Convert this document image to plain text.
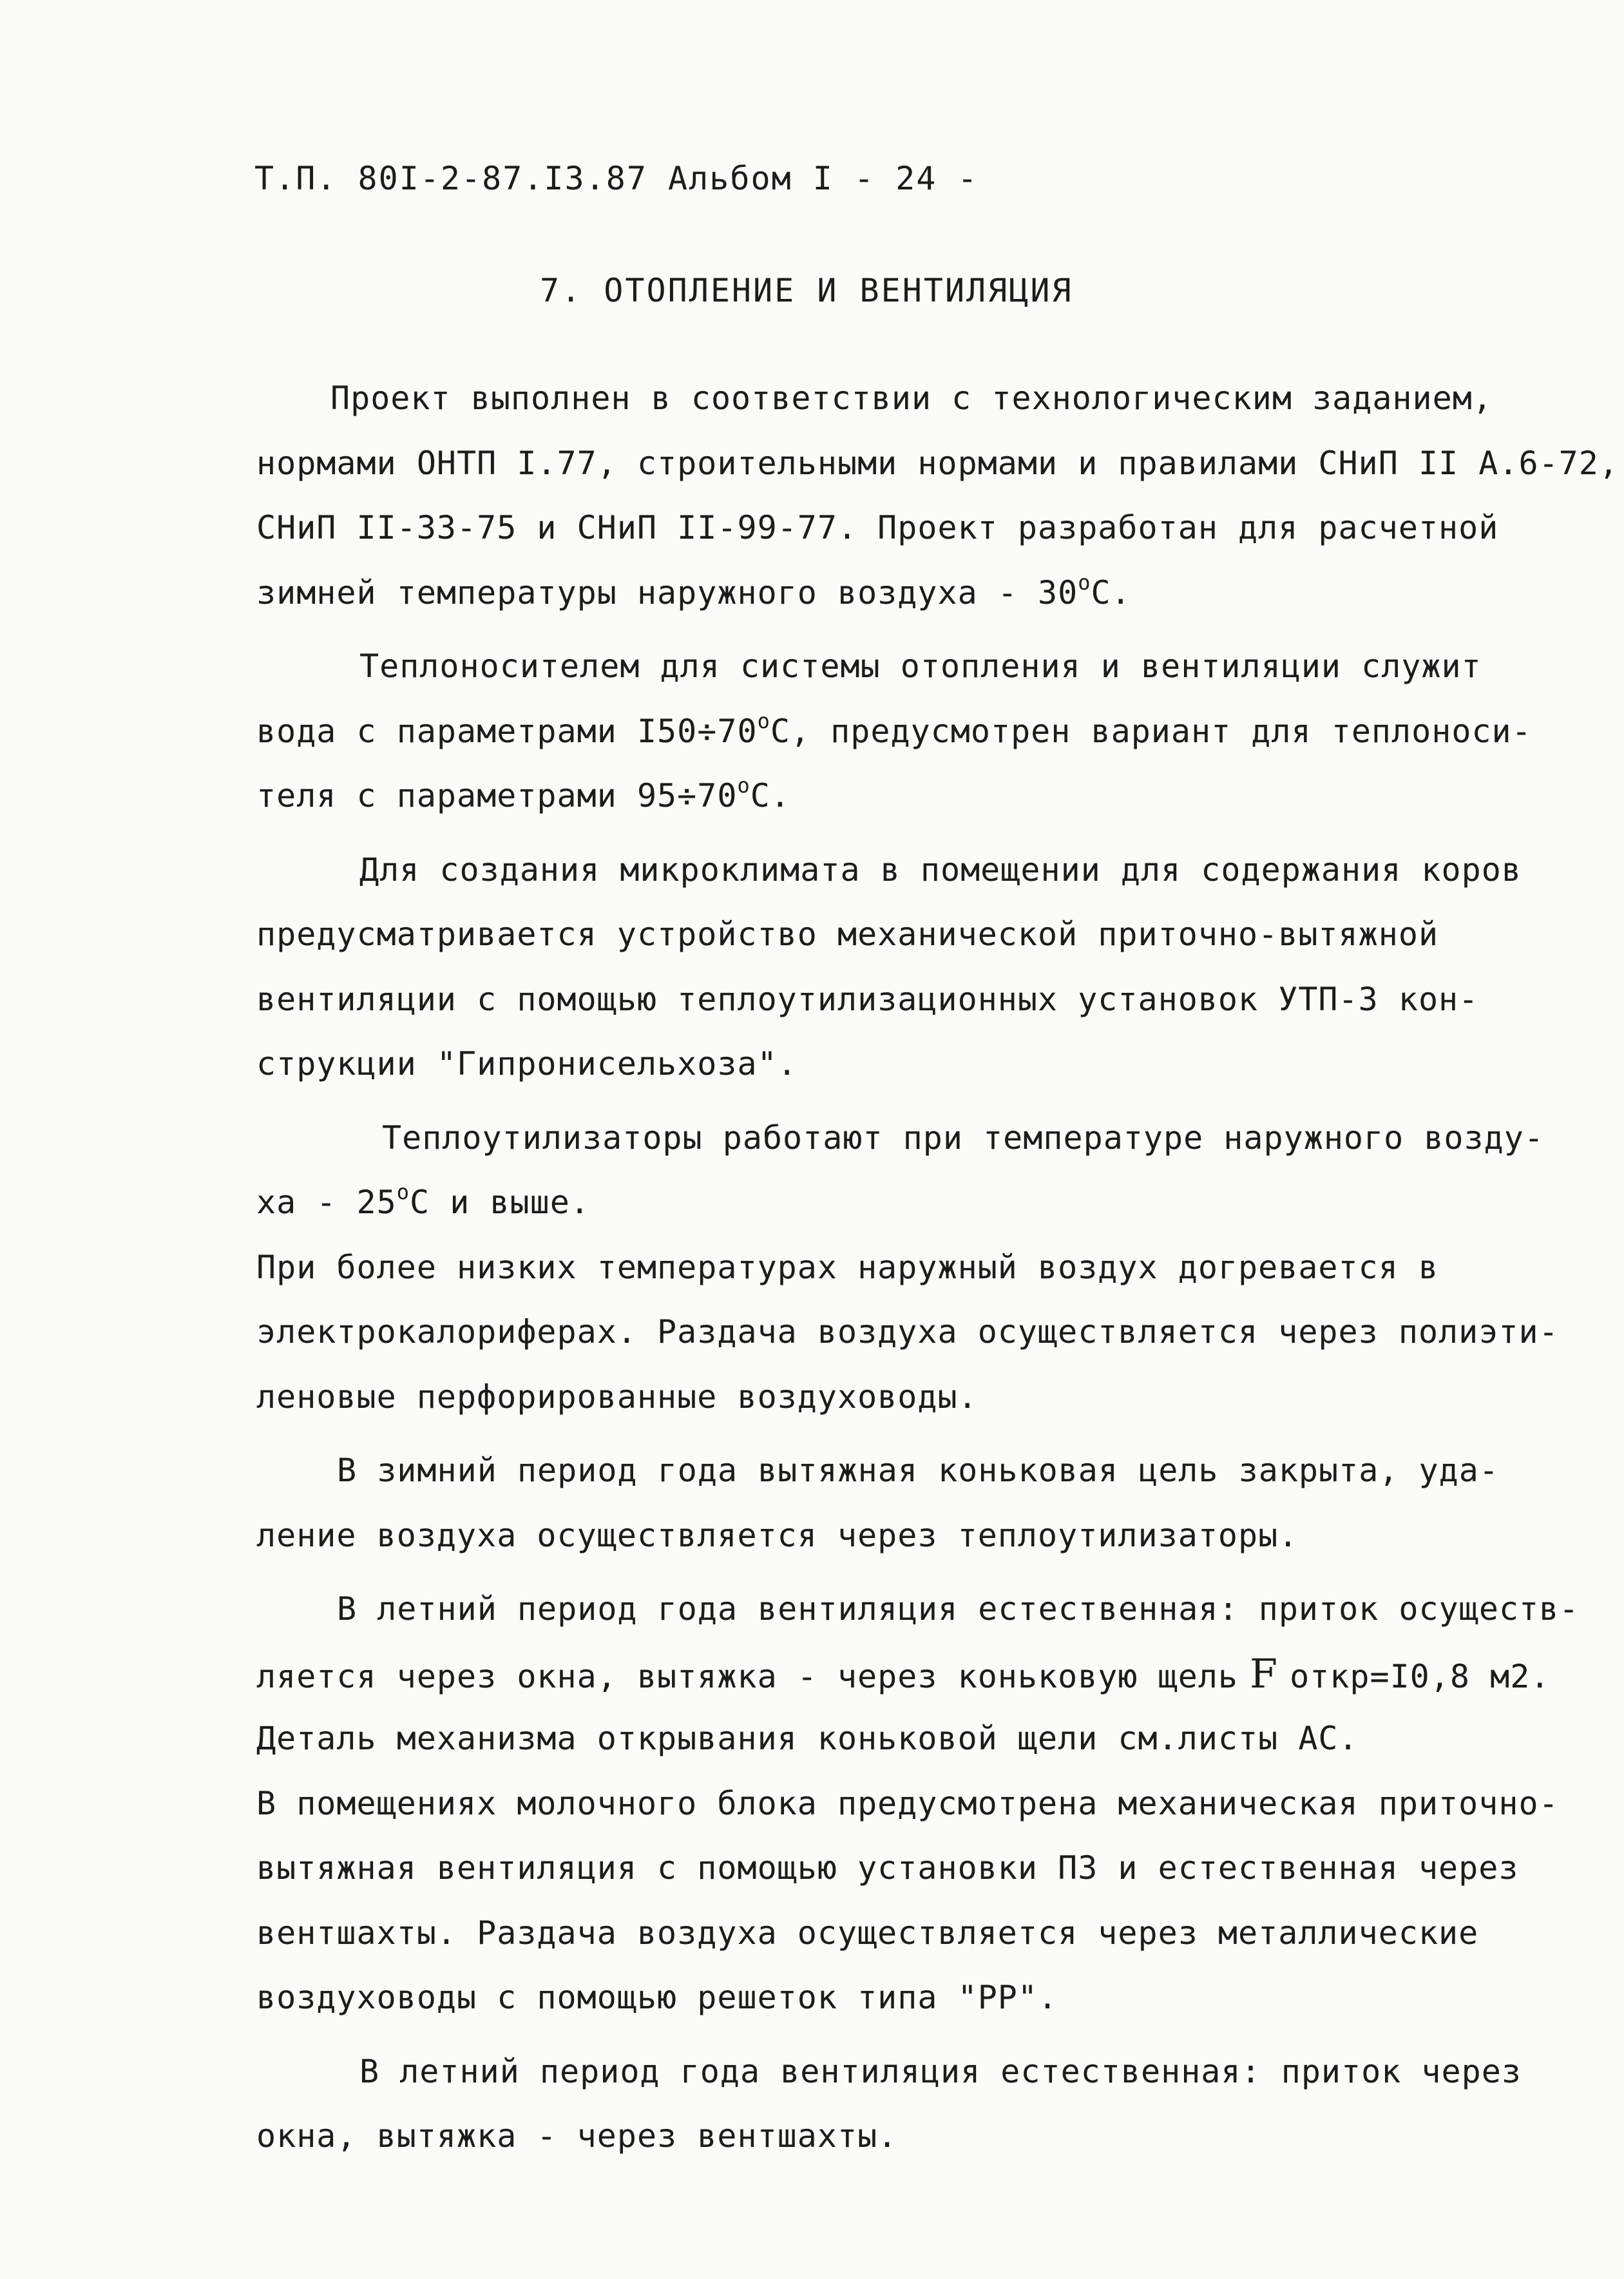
Т.П. 80I-2-87.I3.87 Альбом I - 24 -
7. ОТОПЛЕНИЕ И ВЕНТИЛЯЦИЯ
Проект выполнен в соответствии с технологическим заданием,
нормами ОНТП I.77, строительными нормами и правилами СНиП II А.6-72,
СНиП II-33-75 и СНиП II-99-77. Проект разработан для расчетной
зимней температуры наружного воздуха - $30^оС$.
Теплоносителем для системы отопления и вентиляции служит
вода с параметрами $I50\div 70^оС$, предусмотрен вариант для теплоноси-
теля с параметрами $95\div 70^оС$.
Для создания микроклимата в помещении для содержания коров
предусматривается устройство механической приточно-вытяжной
вентиляции с помощью теплоутилизационных установок УТП-3 кон-
струкции "Гипронисельхоза".
Теплоутилизаторы работают при температуре наружного возду-
ха - $25^оС$ и выше.
При более низких температурах наружный воздух догревается в
электрокалориферах. Раздача воздуха осуществляется через полиэти-
леновые перфорированные воздуховоды.
В зимний период года вытяжная коньковая цель закрыта, уда-
ление воздуха осуществляется через теплоутилизаторы.
В летний период года вентиляция естественная: приток осуществ-
ляется через окна, вытяжка - через коньковую щель F откр=I0,8 м2.
Деталь механизма открывания коньковой щели см.листы АС.
В помещениях молочного блока предусмотрена механическая приточно-
вытяжная вентиляция с помощью установки ПЗ и естественная через
вентшахты. Раздача воздуха осуществляется через металлические
воздуховоды с помощью решеток типа "РР".
В летний период года вентиляция естественная: приток через
окна, вытяжка - через вентшахты.
